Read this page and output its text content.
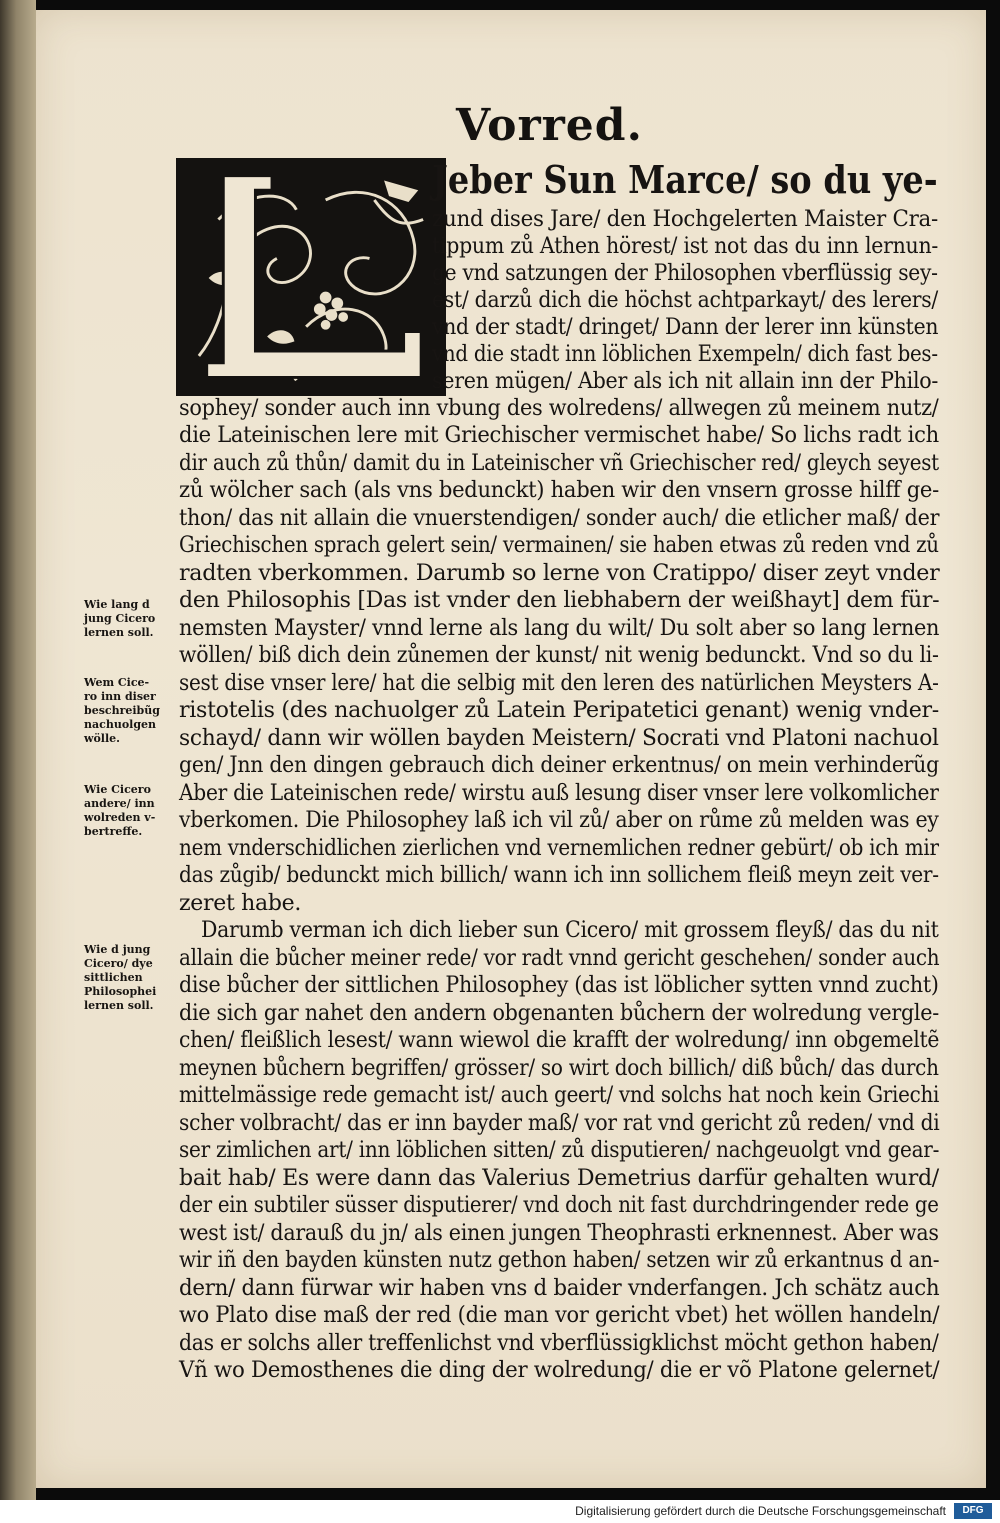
Vorred.
Jeber Sun Marce/ so du ye-
zund dises Jare/ den Hochgelerten Maister Cra-
tippum zů Athen hörest/ ist not das du inn lernun-
ge vnd satzungen der Philosophen vberflüssig sey-
est/ darzů dich die höchst achtparkayt/ des lerers/
vnd der stadt/ dringet/ Dann der lerer inn künsten
vnd die stadt inn löblichen Exempeln/ dich fast bes-
seren mügen/ Aber als ich nit allain inn der Philo-
sophey/ sonder auch inn vbung des wolredens/ allwegen zů meinem nutz/
die Lateinischen lere mit Griechischer vermischet habe/ So lichs radt ich
dir auch zů thůn/ damit du in Lateinischer vñ Griechischer red/ gleych seyest
zů wölcher sach (als vns bedunckt) haben wir den vnsern grosse hilff ge-
thon/ das nit allain die vnuerstendigen/ sonder auch/ die etlicher maß/ der
Griechischen sprach gelert sein/ vermainen/ sie haben etwas zů reden vnd zů
radten vberkommen. Darumb so lerne von Cratippo/ diser zeyt vnder
den Philosophis [Das ist vnder den liebhabern der weißhayt] dem für-
nemsten Mayster/ vnnd lerne als lang du wilt/ Du solt aber so lang lernen
wöllen/ biß dich dein zůnemen der kunst/ nit wenig bedunckt. Vnd so du li-
sest dise vnser lere/ hat die selbig mit den leren des natürlichen Meysters A-
ristotelis (des nachuolger zů Latein Peripatetici genant) wenig vnder-
schayd/ dann wir wöllen bayden Meistern/ Socrati vnd Platoni nachuol
gen/ Jnn den dingen gebrauch dich deiner erkentnus/ on mein verhinderũg
Aber die Lateinischen rede/ wirstu auß lesung diser vnser lere volkomlicher
vberkomen. Die Philosophey laß ich vil zů/ aber on růme zů melden was ey
nem vnderschidlichen zierlichen vnd vernemlichen redner gebürt/ ob ich mir
das zůgib/ bedunckt mich billich/ wann ich inn sollichem fleiß meyn zeit ver-
zeret habe.
Darumb verman ich dich lieber sun Cicero/ mit grossem fleyß/ das du nit
allain die bůcher meiner rede/ vor radt vnnd gericht geschehen/ sonder auch
dise bůcher der sittlichen Philosophey (das ist löblicher sytten vnnd zucht)
die sich gar nahet den andern obgenanten bůchern der wolredung vergle-
chen/ fleißlich lesest/ wann wiewol die krafft der wolredung/ inn obgemeltẽ
meynen bůchern begriffen/ grösser/ so wirt doch billich/ diß bůch/ das durch
mittelmässige rede gemacht ist/ auch geert/ vnd solchs hat noch kein Griechi
scher volbracht/ das er inn bayder maß/ vor rat vnd gericht zů reden/ vnd di
ser zimlichen art/ inn löblichen sitten/ zů disputieren/ nachgeuolgt vnd gear-
bait hab/ Es were dann das Valerius Demetrius darfür gehalten wurd/
der ein subtiler süsser disputierer/ vnd doch nit fast durchdringender rede ge
west ist/ darauß du jn/ als einen jungen Theophrasti erknennest. Aber was
wir iñ den bayden künsten nutz gethon haben/ setzen wir zů erkantnus d an-
dern/ dann fürwar wir haben vns d baider vnderfangen. Jch schätz auch
wo Plato dise maß der red (die man vor gericht vbet) het wöllen handeln/
das er solchs aller treffenlichst vnd vberflüssigklichst möcht gethon haben/
Vñ wo Demosthenes die ding der wolredung/ die er võ Platone gelernet/
Wie lang d
jung Cicero
lernen soll.
Wem Cice-
ro inn diser
beschreibũg
nachuolgen
wölle.
Wie Cicero
andere/ inn
wolreden v-
bertreffe.
Wie d jung
Cicero/ dye
sittlichen
Philosophei
lernen soll.
Digitalisierung gefördert durch die Deutsche Forschungsgemeinschaft	DFG
